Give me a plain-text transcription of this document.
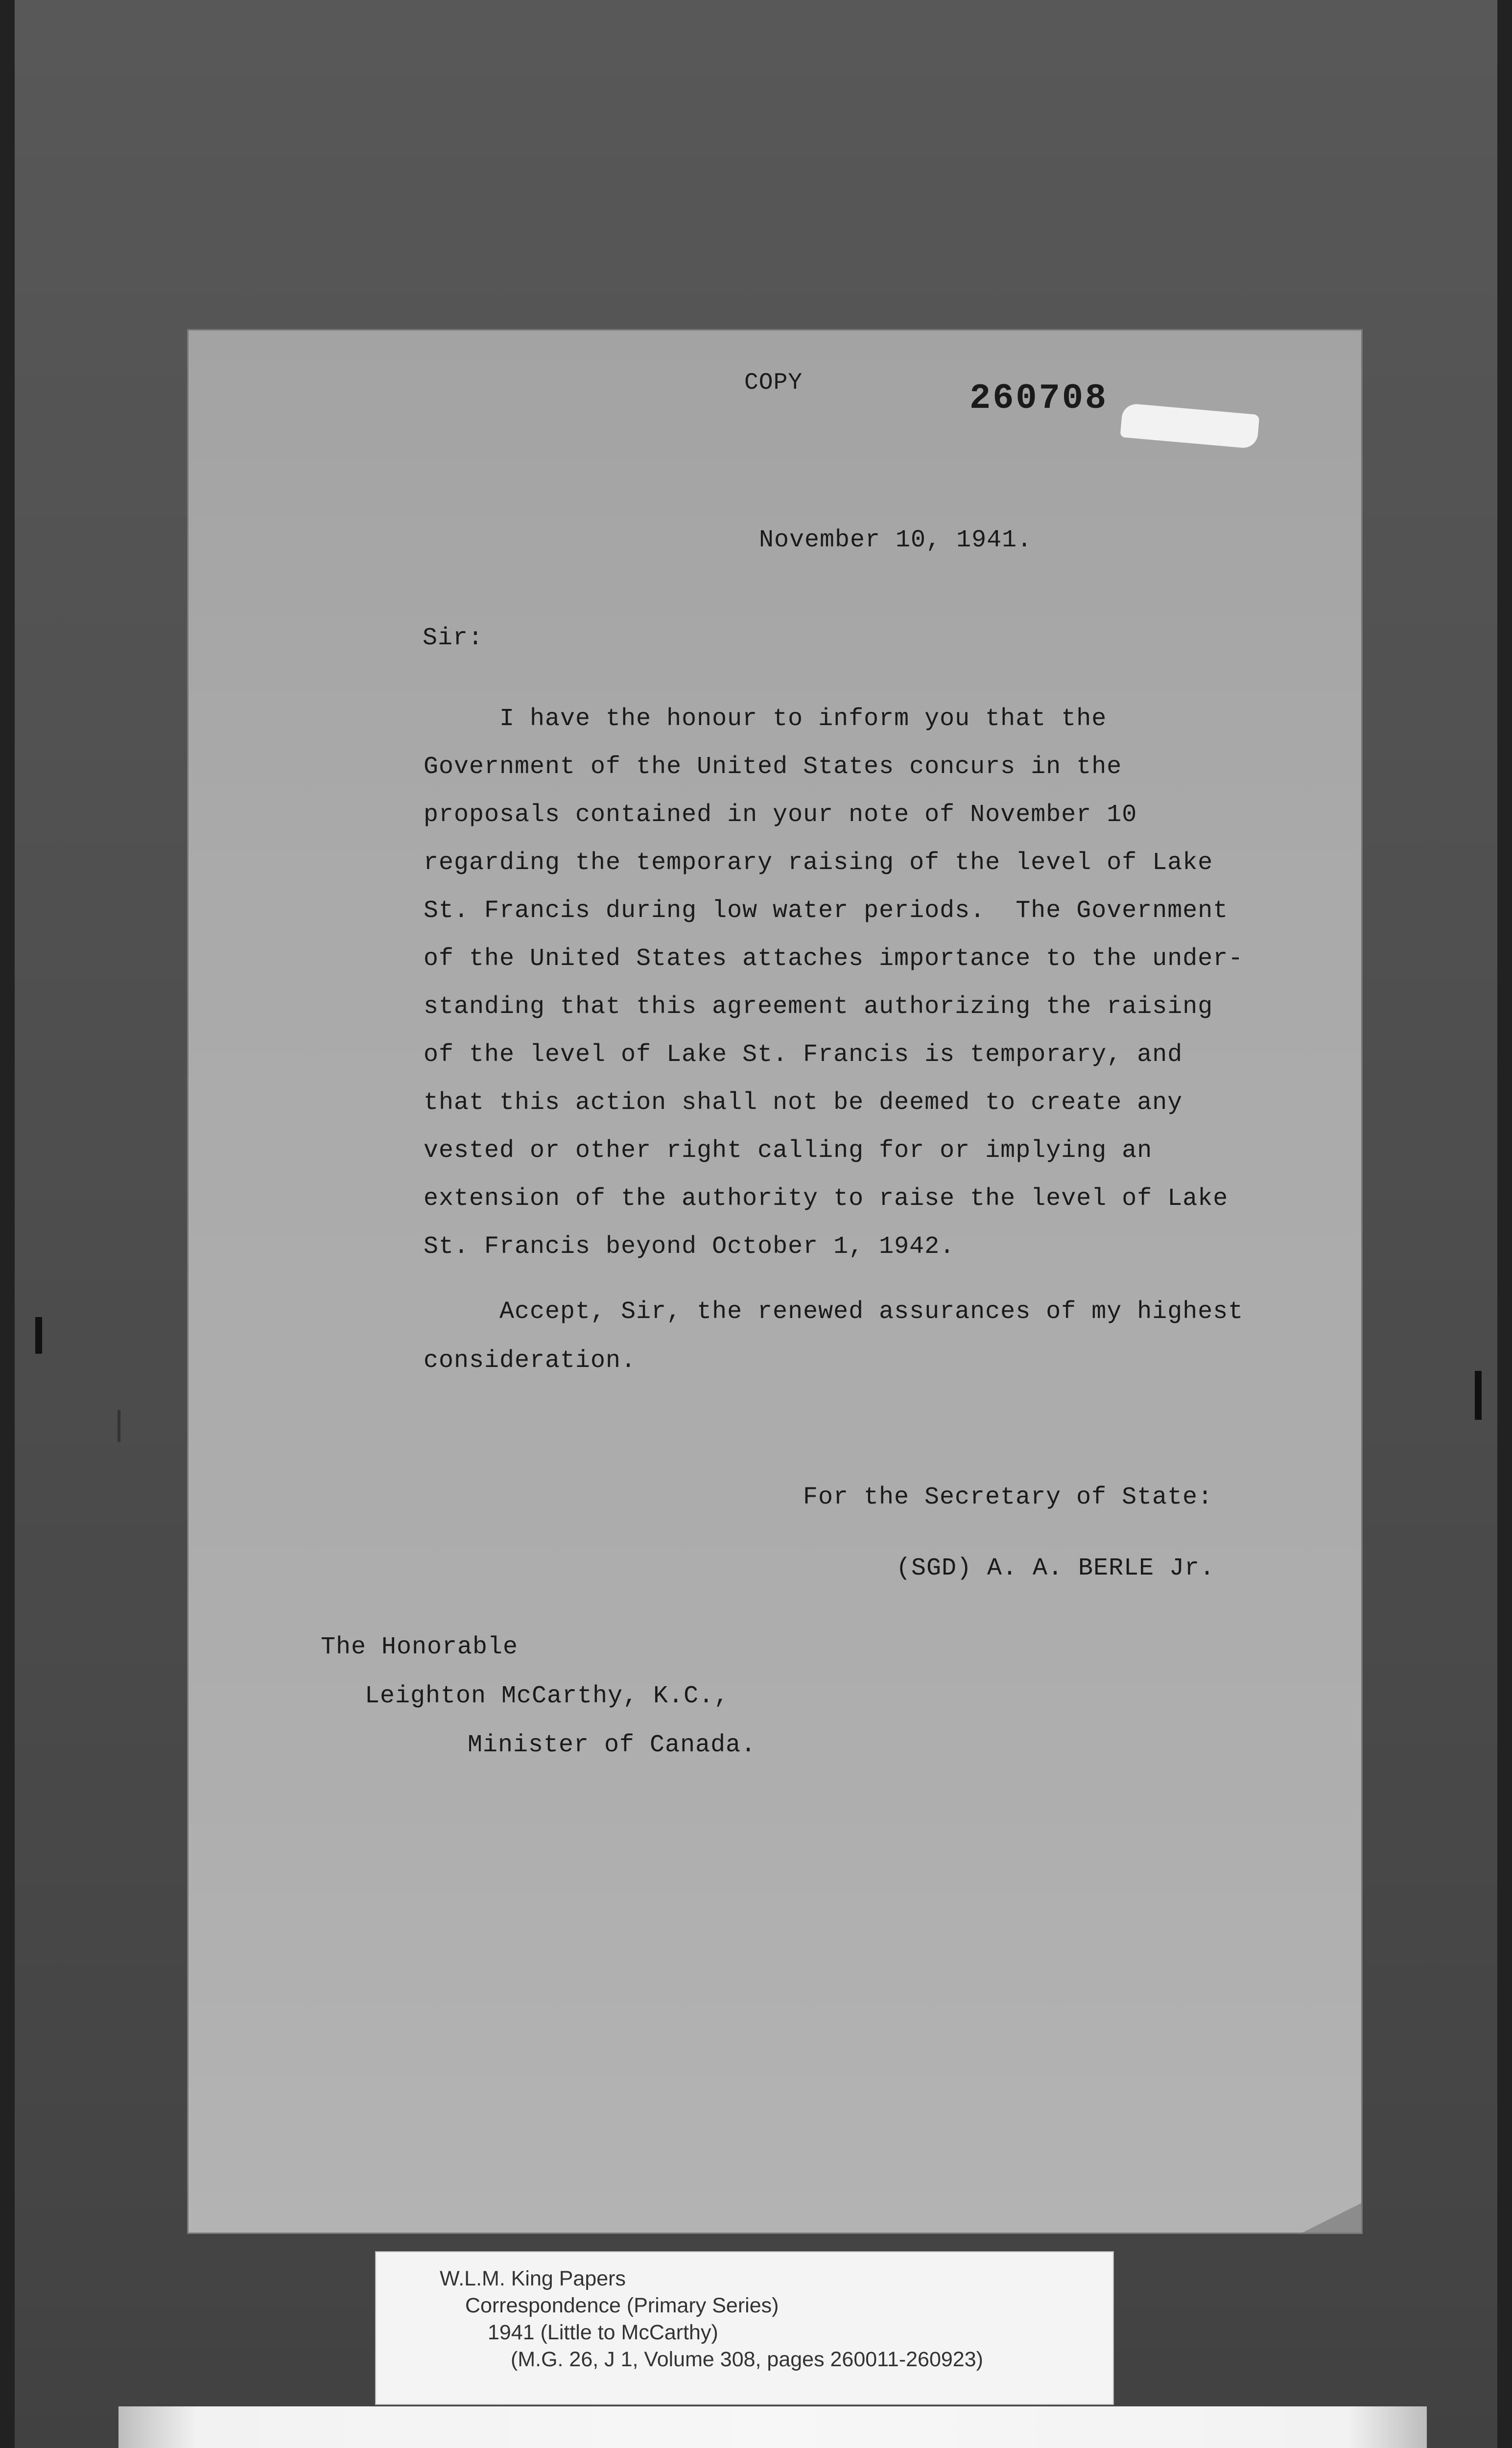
COPY	260708
November 10, 1941.
Sir:
I have the honour to inform you that the
Government of the United States concurs in the
proposals contained in your note of November 10
regarding the temporary raising of the level of Lake
St. Francis during low water periods.  The Government
of the United States attaches importance to the under-
standing that this agreement authorizing the raising
of the level of Lake St. Francis is temporary, and
that this action shall not be deemed to create any
vested or other right calling for or implying an
extension of the authority to raise the level of Lake
St. Francis beyond October 1, 1942.
Accept, Sir, the renewed assurances of my highest
consideration.
For the Secretary of State:
(SGD) A. A. BERLE Jr.
The Honorable
Leighton McCarthy, K.C.,
Minister of Canada.
W.L.M. King Papers
Correspondence (Primary Series)
1941 (Little to McCarthy)
(M.G. 26, J 1, Volume 308, pages 260011-260923)
